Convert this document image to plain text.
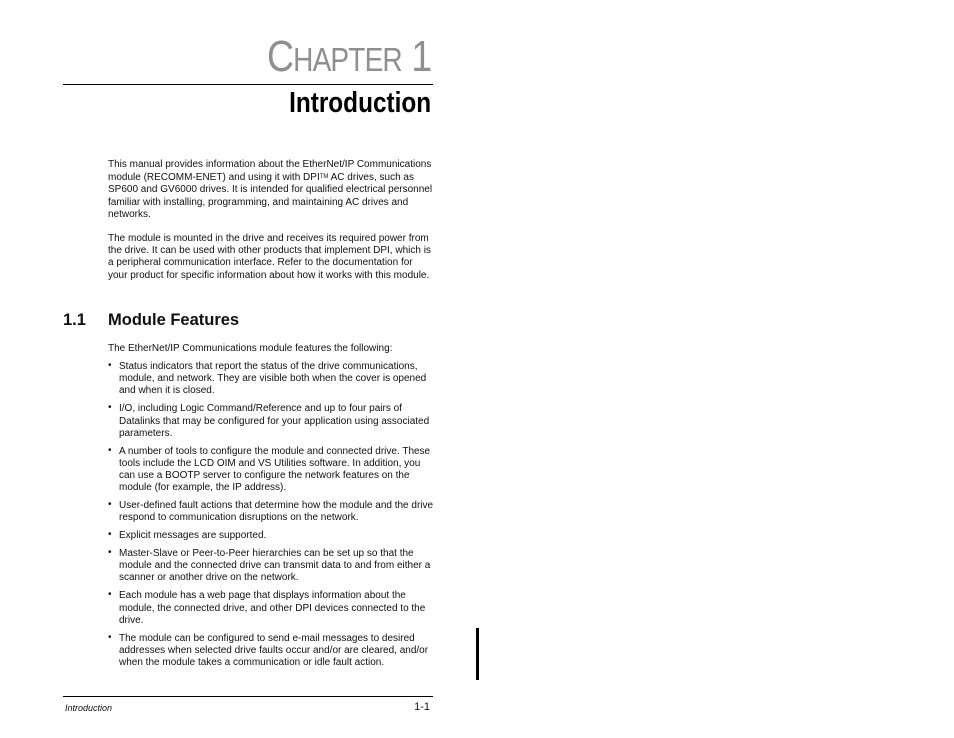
CHAPTER 1
Introduction

This manual provides information about the EtherNet/IP Communications module (RECOMM-ENET) and using it with DPI™ AC drives, such as SP600 and GV6000 drives. It is intended for qualified electrical personnel familiar with installing, programming, and maintaining AC drives and networks.

The module is mounted in the drive and receives its required power from the drive. It can be used with other products that implement DPI, which is a peripheral communication interface. Refer to the documentation for your product for specific information about how it works with this module.

1.1 Module Features

The EtherNet/IP Communications module features the following:

• Status indicators that report the status of the drive communications, module, and network. They are visible both when the cover is opened and when it is closed.
• I/O, including Logic Command/Reference and up to four pairs of Datalinks that may be configured for your application using associated parameters.
• A number of tools to configure the module and connected drive. These tools include the LCD OIM and VS Utilities software. In addition, you can use a BOOTP server to configure the network features on the module (for example, the IP address).
• User-defined fault actions that determine how the module and the drive respond to communication disruptions on the network.
• Explicit messages are supported.
• Master-Slave or Peer-to-Peer hierarchies can be set up so that the module and the connected drive can transmit data to and from either a scanner or another drive on the network.
• Each module has a web page that displays information about the module, the connected drive, and other DPI devices connected to the drive.
• The module can be configured to send e-mail messages to desired addresses when selected drive faults occur and/or are cleared, and/or when the module takes a communication or idle fault action.
Introduction	1-1
